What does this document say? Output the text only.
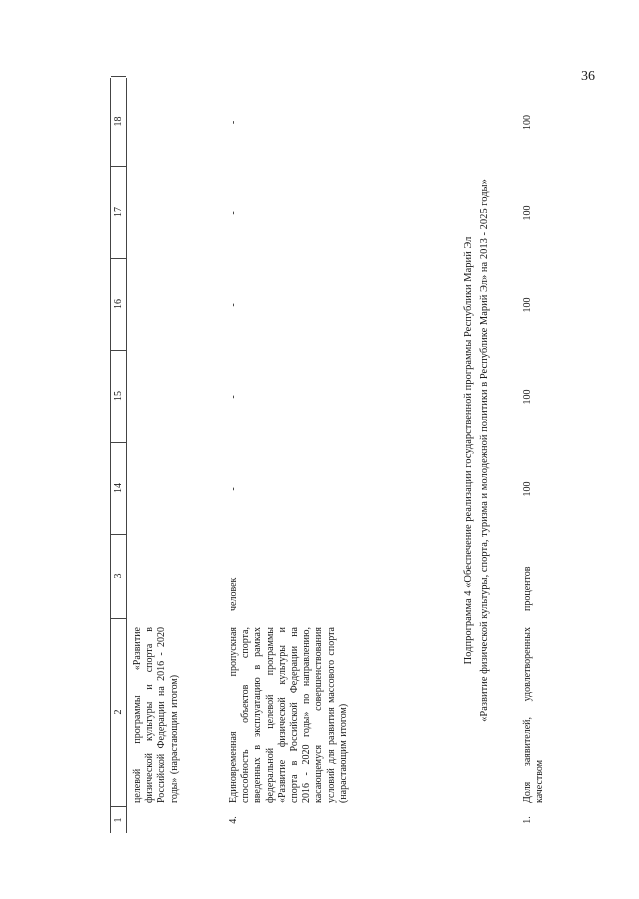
36
1
2
3
14
15
16
17
18
целевой программы «Развитие физической культуры и спорта в Российской Федерации на 2016 - 2020 годы» (нарастающим итогом)
4.
Единовременная пропускная способность объектов спорта, введенных в эксплуатацию в рамках федеральной целевой программы «Развитие физической культуры и спорта в Российской Федерации на 2016 - 2020 годы» по направлению, касающемуся совершенствования условий для развития массового спорта (нарастающим итогом)
человек
-
-
-
-
-
Подпрограмма 4 «Обеспечение реализации государственной программы Республики Марий Эл «Развитие физической культуры, спорта, туризма и молодежной политики в Республике Марий Эл» на 2013 - 2025 годы»
1.
Доля заявителей, удовлетворенных качеством
процентов
100
100
100
100
100
